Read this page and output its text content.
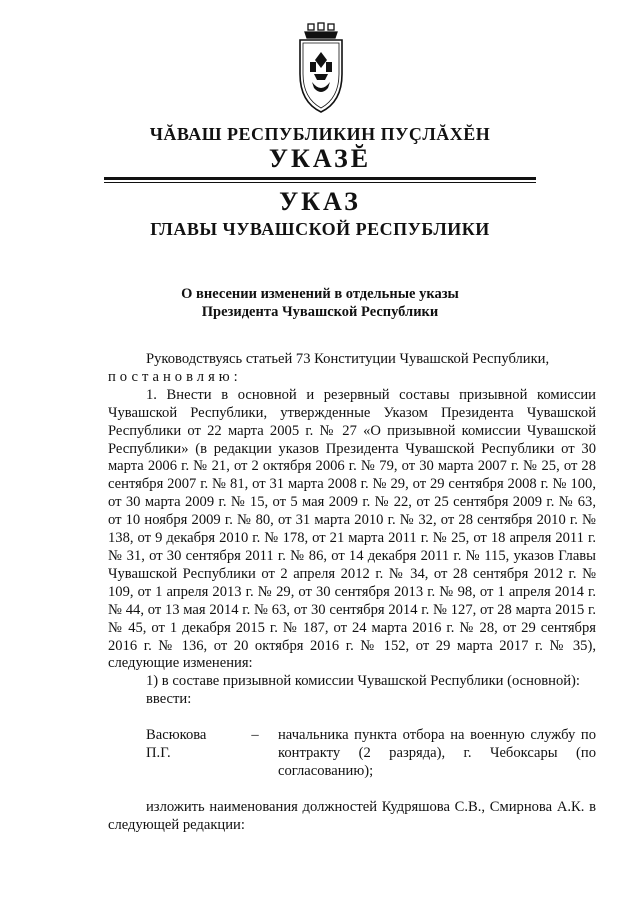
ЧĂВАШ РЕСПУБЛИКИН ПУҪЛĂХĔН
УКАЗĔ
УКАЗ
ГЛАВЫ ЧУВАШСКОЙ РЕСПУБЛИКИ
О внесении изменений в отдельные указы
Президента Чувашской Республики

Руководствуясь статьей 73 Конституции Чувашской Республики,

постановляю:

1. Внести в основной и резервный составы призывной комиссии Чувашской Республики, утвержденные Указом Президента Чувашской Республики от 22 марта 2005 г. № 27 «О призывной комиссии Чувашской Республики» (в редакции указов Президента Чувашской Республики от 30 марта 2006 г. № 21, от 2 октября 2006 г. № 79, от 30 марта 2007 г. № 25, от 28 сентября 2007 г. № 81, от 31 марта 2008 г. № 29, от 29 сентября 2008 г. № 100, от 30 марта 2009 г. № 15, от 5 мая 2009 г. № 22, от 25 сентября 2009 г. № 63, от 10 ноября 2009 г. № 80, от 31 марта 2010 г. № 32, от 28 сентября 2010 г. № 138, от 9 декабря 2010 г. № 178, от 21 марта 2011 г. № 25, от 18 апреля 2011 г. № 31, от 30 сентября 2011 г. № 86, от 14 декабря 2011 г. № 115, указов Главы Чувашской Республики от 2 апреля 2012 г. № 34, от 28 сентября 2012 г. № 109, от 1 апреля 2013 г. № 29, от 30 сентября 2013 г. № 98, от 1 апреля 2014 г. № 44, от 13 мая 2014 г. № 63, от 30 сентября 2014 г. № 127, от 28 марта 2015 г. № 45, от 1 декабря 2015 г. № 187, от 24 марта 2016 г. № 28, от 29 сентября 2016 г. № 136, от 20 октября 2016 г. № 152, от 29 марта 2017 г. № 35), следующие изменения:

1) в составе призывной комиссии Чувашской Республики (основной):

ввести:

Васюкова П.Г.
–	начальника пункта отбора на военную службу по контракту (2 разряда), г. Чебоксары (по согласованию);

изложить наименования должностей Кудряшова С.В., Смирнова А.К. в следующей редакции:
